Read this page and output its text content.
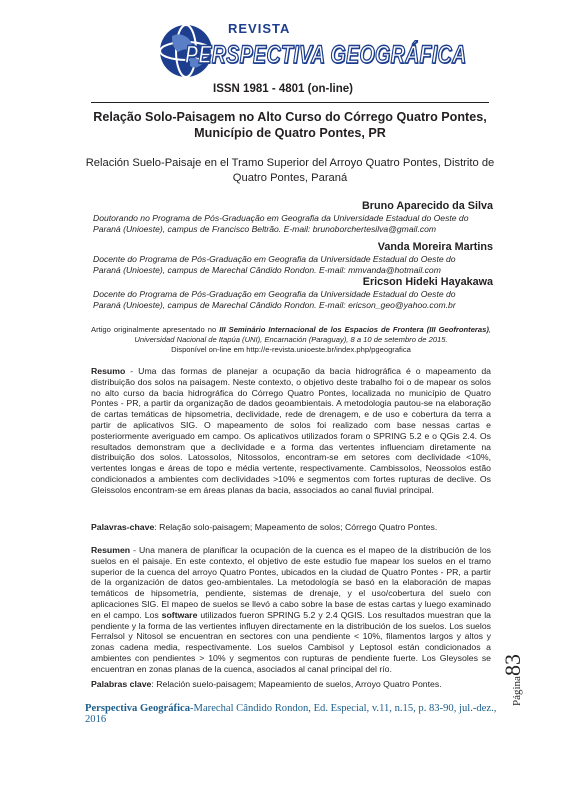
REVISTA
PERSPECTIVA GEOGRÁFICA
ISSN 1981 - 4801 (on-line)
Relação Solo-Paisagem no Alto Curso do Córrego Quatro Pontes,
Município de Quatro Pontes, PR
Relación Suelo-Paisaje en el Tramo Superior del Arroyo Quatro Pontes, Distrito de
Quatro Pontes, Paraná
Bruno Aparecido da Silva
Doutorando no Programa de Pós-Graduação em Geografia da Universidade Estadual do Oeste do
Paraná (Unioeste), campus de Francisco Beltrão. E-mail: brunoborchertesilva@gmail.com
Vanda Moreira Martins
Docente do Programa de Pós-Graduação em Geografia da Universidade Estadual do Oeste do
Paraná (Unioeste), campus de Marechal Cândido Rondon. E-mail: mmvanda@hotmail.com
Ericson Hideki Hayakawa
Docente do Programa de Pós-Graduação em Geografia da Universidade Estadual do Oeste do
Paraná (Unioeste), campus de Marechal Cândido Rondon. E-mail: ericson_geo@yahoo.com.br
Artigo originalmente apresentado no III Seminário Internacional de los Espacios de Frontera (III Geofronteras), Universidad Nacional de Itapúa (UNI), Encarnación (Paraguay), 8 a 10 de setembro de 2015.
Disponível on-line em http://e-revista.unioeste.br/index.php/pgeografica
Resumo - Uma das formas de planejar a ocupação da bacia hidrográfica é o mapeamento da distribuição dos solos na paisagem. Neste contexto, o objetivo deste trabalho foi o de mapear os solos no alto curso da bacia hidrográfica do Córrego Quatro Pontes, localizada no município de Quatro Pontes - PR, a partir da organização de dados geoambientais. A metodologia pautou-se na elaboração de cartas temáticas de hipsometria, declividade, rede de drenagem, e de uso e cobertura da terra a partir de aplicativos SIG. O mapeamento de solos foi realizado com base nessas cartas e posteriormente averiguado em campo. Os aplicativos utilizados foram o SPRING 5.2 e o QGis 2.4. Os resultados demonstram que a declividade e a forma das vertentes influenciam diretamente na distribuição dos solos. Latossolos, Nitossolos, encontram-se em setores com declividade <10%, vertentes longas e áreas de topo e média vertente, respectivamente. Cambissolos, Neossolos estão condicionados a ambientes com declividades >10% e segmentos com fortes rupturas de declive. Os Gleissolos encontram-se em áreas planas da bacia, associados ao canal fluvial principal.
Palavras-chave: Relação solo-paisagem; Mapeamento de solos; Córrego Quatro Pontes.
Resumen - Una manera de planificar la ocupación de la cuenca es el mapeo de la distribución de los suelos en el paisaje. En este contexto, el objetivo de este estudio fue mapear los suelos en el tramo superior de la cuenca del arroyo Quatro Pontes, ubicados en la ciudad de Quatro Pontes - PR, a partir de la organización de datos geo-ambientales. La metodología se basó en la elaboración de mapas temáticos de hipsometría, pendiente, sistemas de drenaje, y el uso/cobertura del suelo con aplicaciones SIG. El mapeo de suelos se llevó a cabo sobre la base de estas cartas y luego examinado en el campo. Los software utilizados fueron SPRING 5.2 y 2.4 QGIS. Los resultados muestran que la pendiente y la forma de las vertientes influyen directamente en la distribución de los suelos. Los suelos Ferralsol y Nitosol se encuentran en sectores con una pendiente < 10%, filamentos largos y altos y zonas cadena media, respectivamente. Los suelos Cambisol y Leptosol están condicionados a ambientes con pendientes > 10% y segmentos con rupturas de pendiente fuerte. Los Gleysoles se encuentran en zonas planas de la cuenca, asociados al canal principal del río.
Palabras clave: Relación suelo-paisagem; Mapeamiento de suelos, Arroyo Quatro Pontes.	Página83
Perspectiva Geográfica-Marechal Cândido Rondon, Ed. Especial, v.11, n.15, p. 83-90, jul.-dez., 2016
